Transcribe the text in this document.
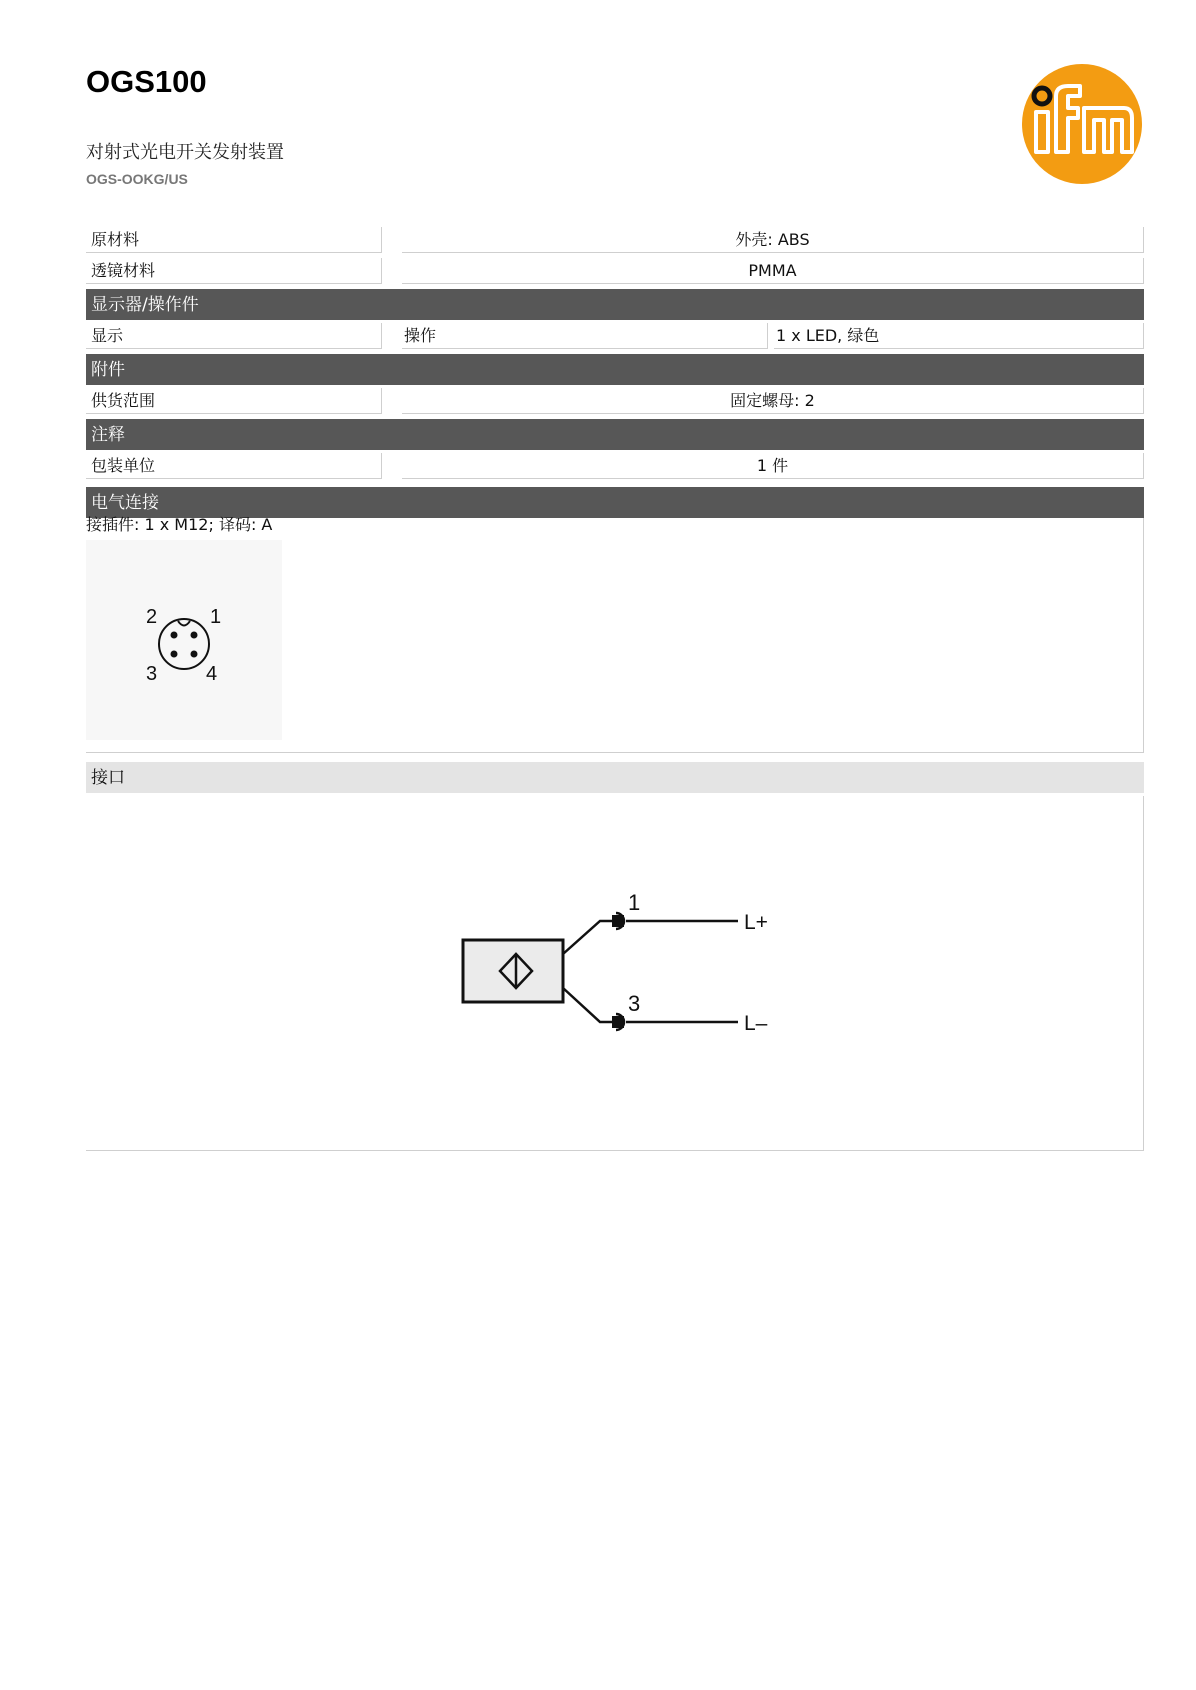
OGS100
对射式光电开关发射装置
OGS-OOKG/US
原材料	外壳: ABS
透镜材料	PMMA
显示器/操作件
显示	操作	1 x LED, 绿色
附件
供货范围	固定螺母: 2
注释
包装单位	1 件
电气连接
接插件: 1 x M12; 译码: A
2	1
3 4
接口
1
3
L+
L–
